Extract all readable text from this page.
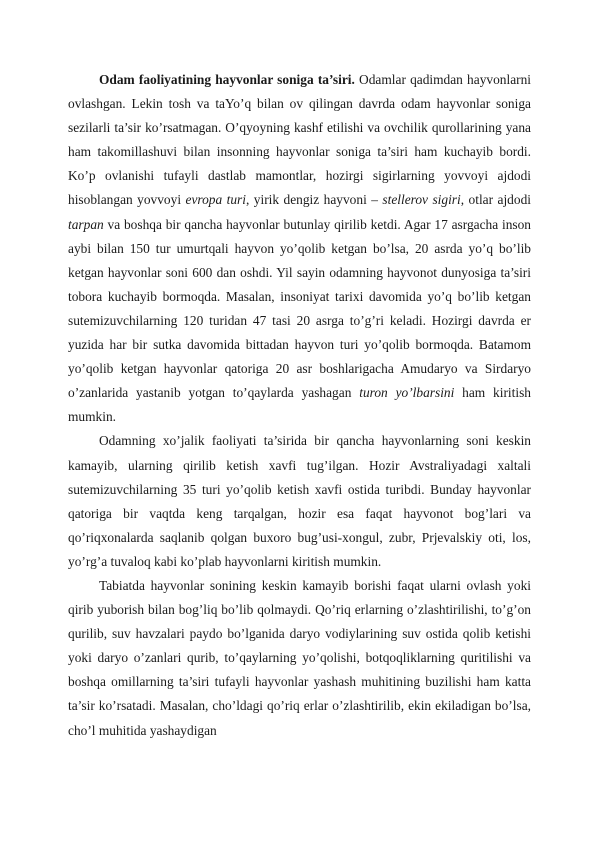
Odam faoliyatining hayvonlar soniga ta’siri. Odamlar qadimdan hayvonlarni ovlashgan. Lekin tosh va taYo’q bilan ov qilingan davrda odam hayvonlar soniga sezilarli ta’sir ko’rsatmagan. O’qyoyning kashf etilishi va ovchilik qurollarining yana ham takomillashuvi bilan insonning hayvonlar soniga ta’siri ham kuchayib bordi. Ko’p ovlanishi tufayli dastlab mamontlar, hozirgi sigirlarning yovvoyi ajdodi hisoblangan yovvoyi evropa turi, yirik dengiz hayvoni – stellerov sigiri, otlar ajdodi tarpan va boshqa bir qancha hayvonlar butunlay qirilib ketdi. Agar 17 asrgacha inson aybi bilan 150 tur umurtqali hayvon yo’qolib ketgan bo’lsa, 20 asrda yo’q bo’lib ketgan hayvonlar soni 600 dan oshdi. Yil sayin odamning hayvonot dunyosiga ta’siri tobora kuchayib bormoqda. Masalan, insoniyat tarixi davomida yo’q bo’lib ketgan sutemizuvchilarning 120 turidan 47 tasi 20 asrga to’g’ri keladi. Hozirgi davrda er yuzida har bir sutka davomida bittadan hayvon turi yo’qolib bormoqda. Batamom yo’qolib ketgan hayvonlar qatoriga 20 asr boshlarigacha Amudaryo va Sirdaryo o’zanlarida yastanib yotgan to’qaylarda yashagan turon yo’lbarsini ham kiritish mumkin.

Odamning xo’jalik faoliyati ta’sirida bir qancha hayvonlarning soni keskin kamayib, ularning qirilib ketish xavfi tug’ilgan. Hozir Avstraliyadagi xaltali sutemizuvchilarning 35 turi yo’qolib ketish xavfi ostida turibdi. Bunday hayvonlar qatoriga bir vaqtda keng tarqalgan, hozir esa faqat hayvonot bog’lari va qo’riqxonalarda saqlanib qolgan buxoro bug’usi-xongul, zubr, Prjevalskiy oti, los, yo’rg’a tuvaloq kabi ko’plab hayvonlarni kiritish mumkin.

Tabiatda hayvonlar sonining keskin kamayib borishi faqat ularni ovlash yoki qirib yuborish bilan bog’liq bo’lib qolmaydi. Qo’riq erlarning o’zlashtirilishi, to’g’on qurilib, suv havzalari paydo bo’lganida daryo vodiylarining suv ostida qolib ketishi yoki daryo o’zanlari qurib, to’qaylarning yo’qolishi, botqoqliklarning quritilishi va boshqa omillarning ta’siri tufayli hayvonlar yashash muhitining buzilishi ham katta ta’sir ko’rsatadi. Masalan, cho’ldagi qo’riq erlar o’zlashtirilib, ekin ekiladigan bo’lsa, cho’l muhitida yashaydigan
